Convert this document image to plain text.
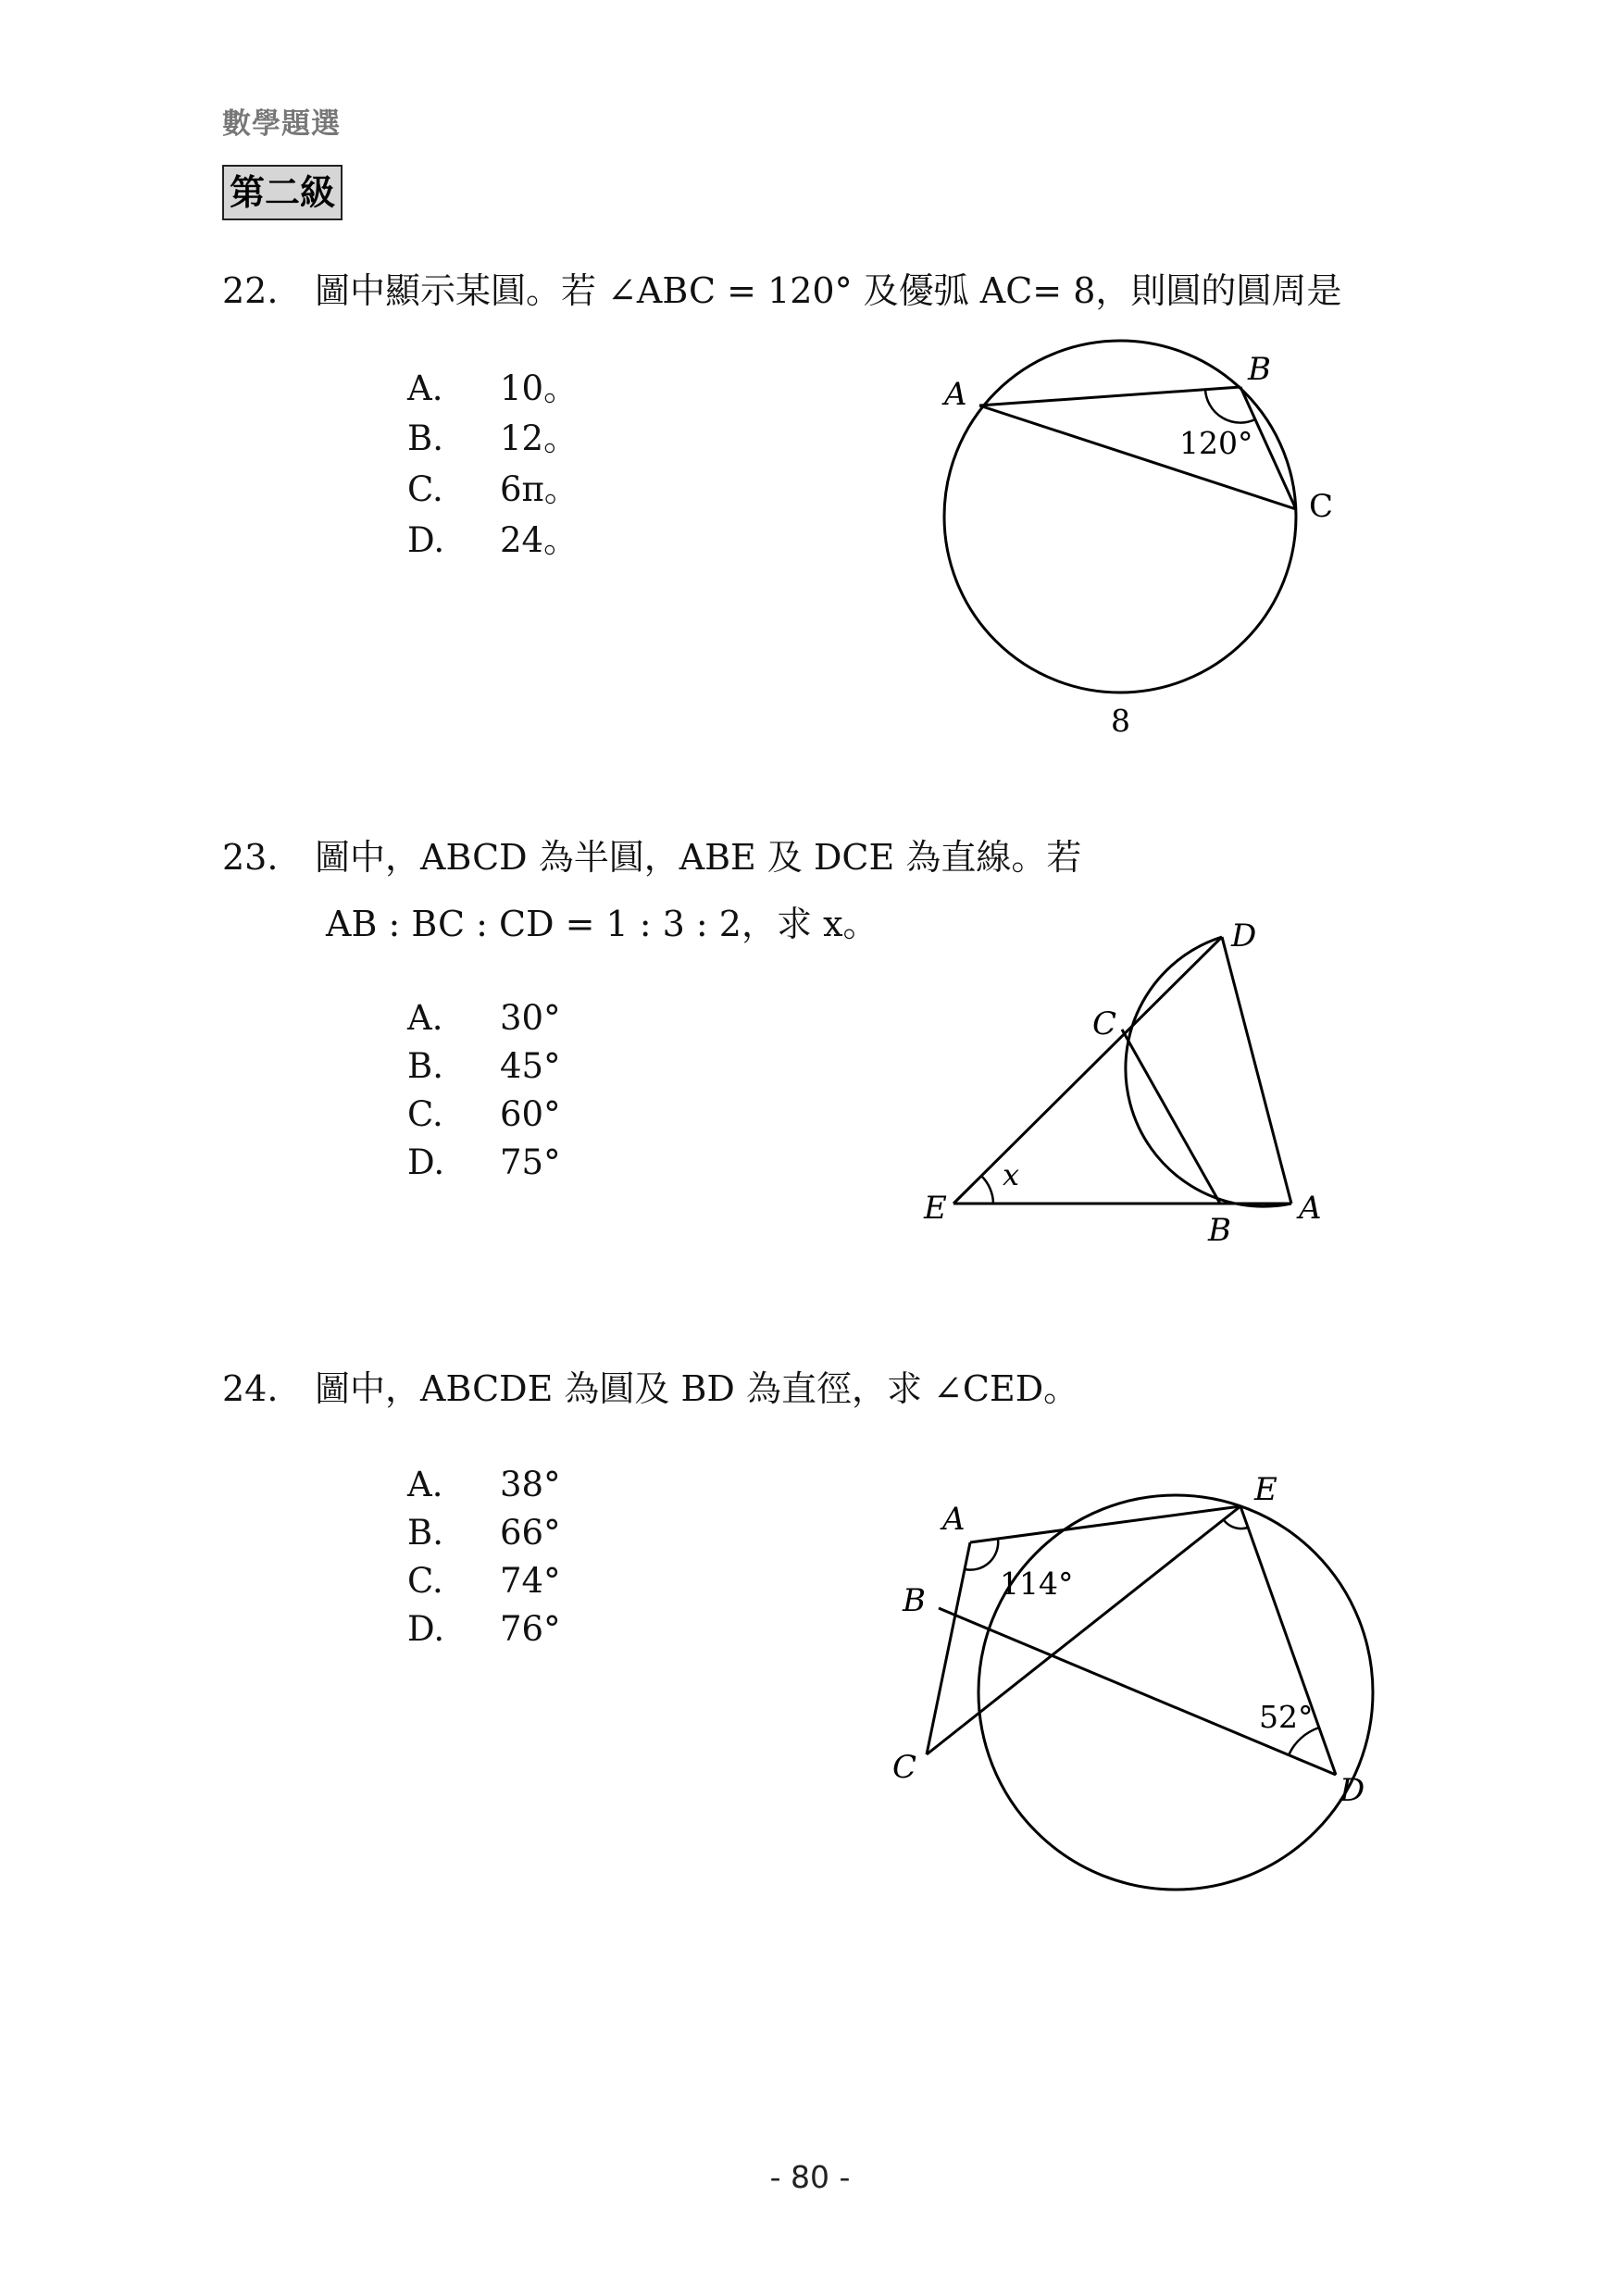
數學題選
第二級
22. 圖中顯示某圓。若 ∠ABC = 120° 及優弧 AC= 8，則圓的圓周是
A. 10。
B. 12。
C. 6π。
D. 24。
A
B
C
120°
8
D
C
E
B
A
x
E
A
B
C
D
114°
52°
23. 圖中，ABCD 為半圓，ABE 及 DCE 為直線。若
AB : BC : CD = 1 : 3 : 2，求 x。
A. 30°
B. 45°
C. 60°
D. 75°
24. 圖中，ABCDE 為圓及 BD 為直徑，求 ∠CED。
A. 38°
B. 66°
C. 74°
D. 76°
- 80 -
